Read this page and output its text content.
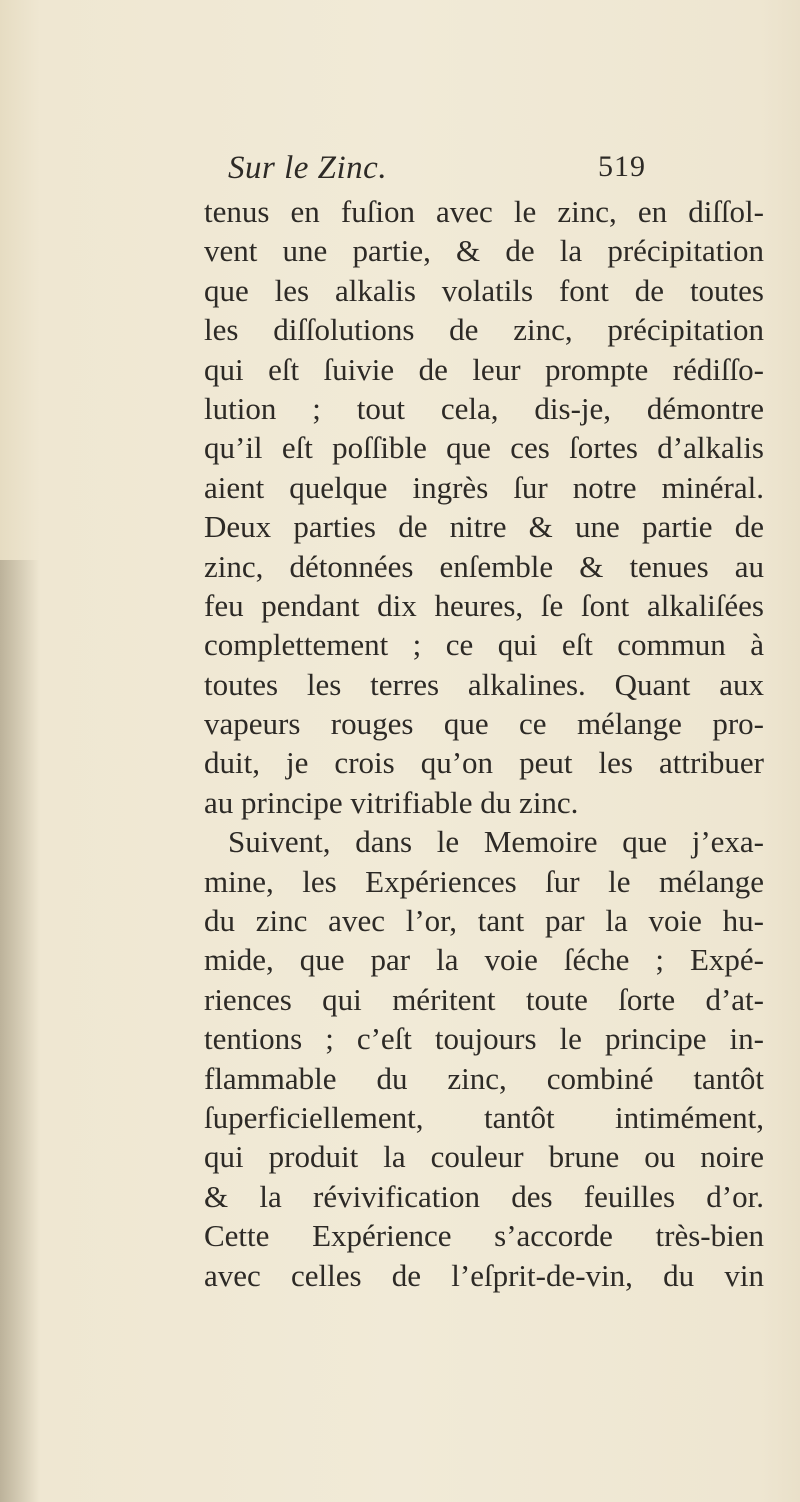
Sur le Zinc.	519
tenus en fuſion avec le zinc, en diſſol-
vent une partie, & de la précipitation
que les alkalis volatils font de toutes
les diſſolutions de zinc, précipitation
qui eſt ſuivie de leur prompte rédiſſo-
lution ; tout cela, dis-je, démontre
qu’il eſt poſſible que ces ſortes d’alkalis
aient quelque ingrès ſur notre minéral.
Deux parties de nitre & une partie de
zinc, détonnées enſemble & tenues au
feu pendant dix heures, ſe ſont alkaliſées
complettement ; ce qui eſt commun à
toutes les terres alkalines. Quant aux
vapeurs rouges que ce mélange pro-
duit, je crois qu’on peut les attribuer
au principe vitrifiable du zinc.
Suivent, dans le Memoire que j’exa-
mine, les Expériences ſur le mélange
du zinc avec l’or, tant par la voie hu-
mide, que par la voie ſéche ; Expé-
riences qui méritent toute ſorte d’at-
tentions ; c’eſt toujours le principe in-
flammable du zinc, combiné tantôt
ſuperficiellement, tantôt intimément,
qui produit la couleur brune ou noire
& la révivification des feuilles d’or.
Cette Expérience s’accorde très-bien
avec celles de l’eſprit-de-vin, du vin
